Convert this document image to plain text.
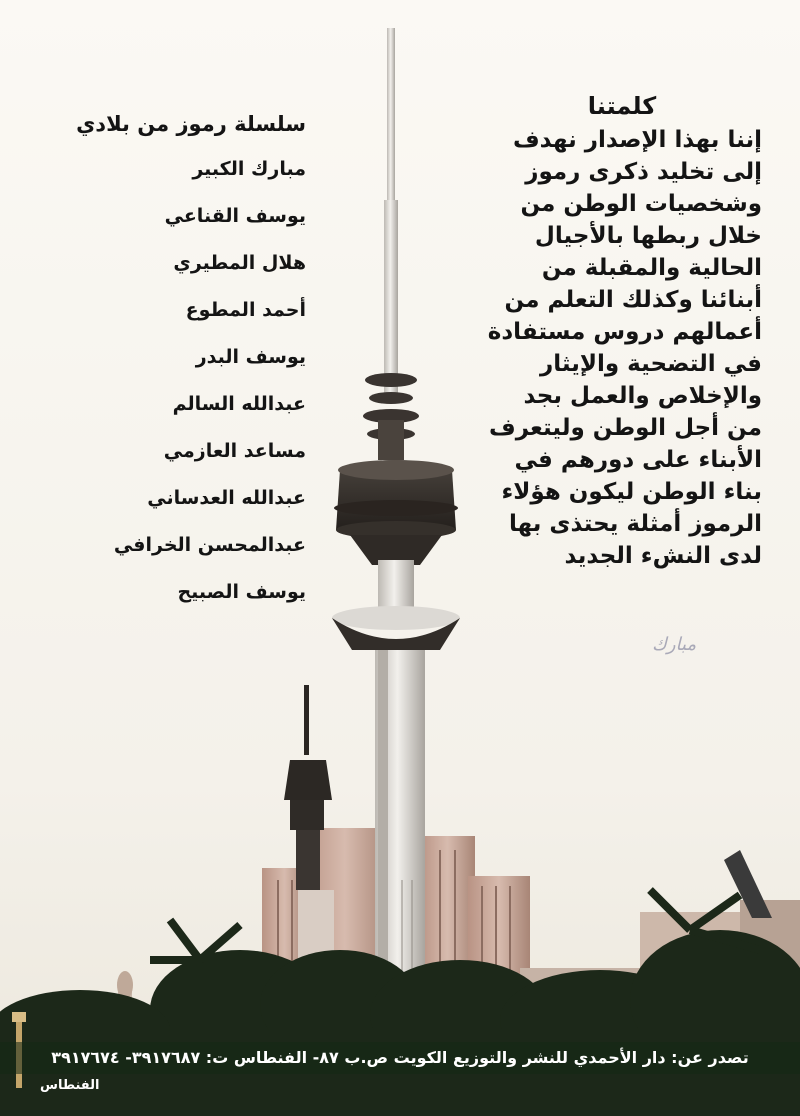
كلمتنا
إننا بهذا الإصدار نهدف
إلى تخليد ذكرى رموز
وشخصيات الوطن من
خلال ربطها بالأجيال
الحالية والمقبلة من
أبنائنا وكذلك التعلم من
أعمالهم دروس مستفادة
في التضحية والإيثار
والإخلاص والعمل بجد
من أجل الوطن وليتعرف
الأبناء على دورهم في
بناء الوطن ليكون هؤلاء
الرموز أمثلة يحتذى بها
لدى النشء الجديد
مبارك
سلسلة رموز من بلادي
مبارك الكبير
يوسف القناعي
هلال المطيري
أحمد المطوع
يوسف البدر
عبدالله السالم
مساعد العازمي
عبدالله العدساني
عبدالمحسن الخرافي
يوسف الصبيح
تصدر عن: دار الأحمدي للنشر والتوزيع الكويت ص.ب ٨٧- الفنطاس ت: ٣٩١٧٦٨٧- ٣٩١٧٦٧٤
الفنطاس
